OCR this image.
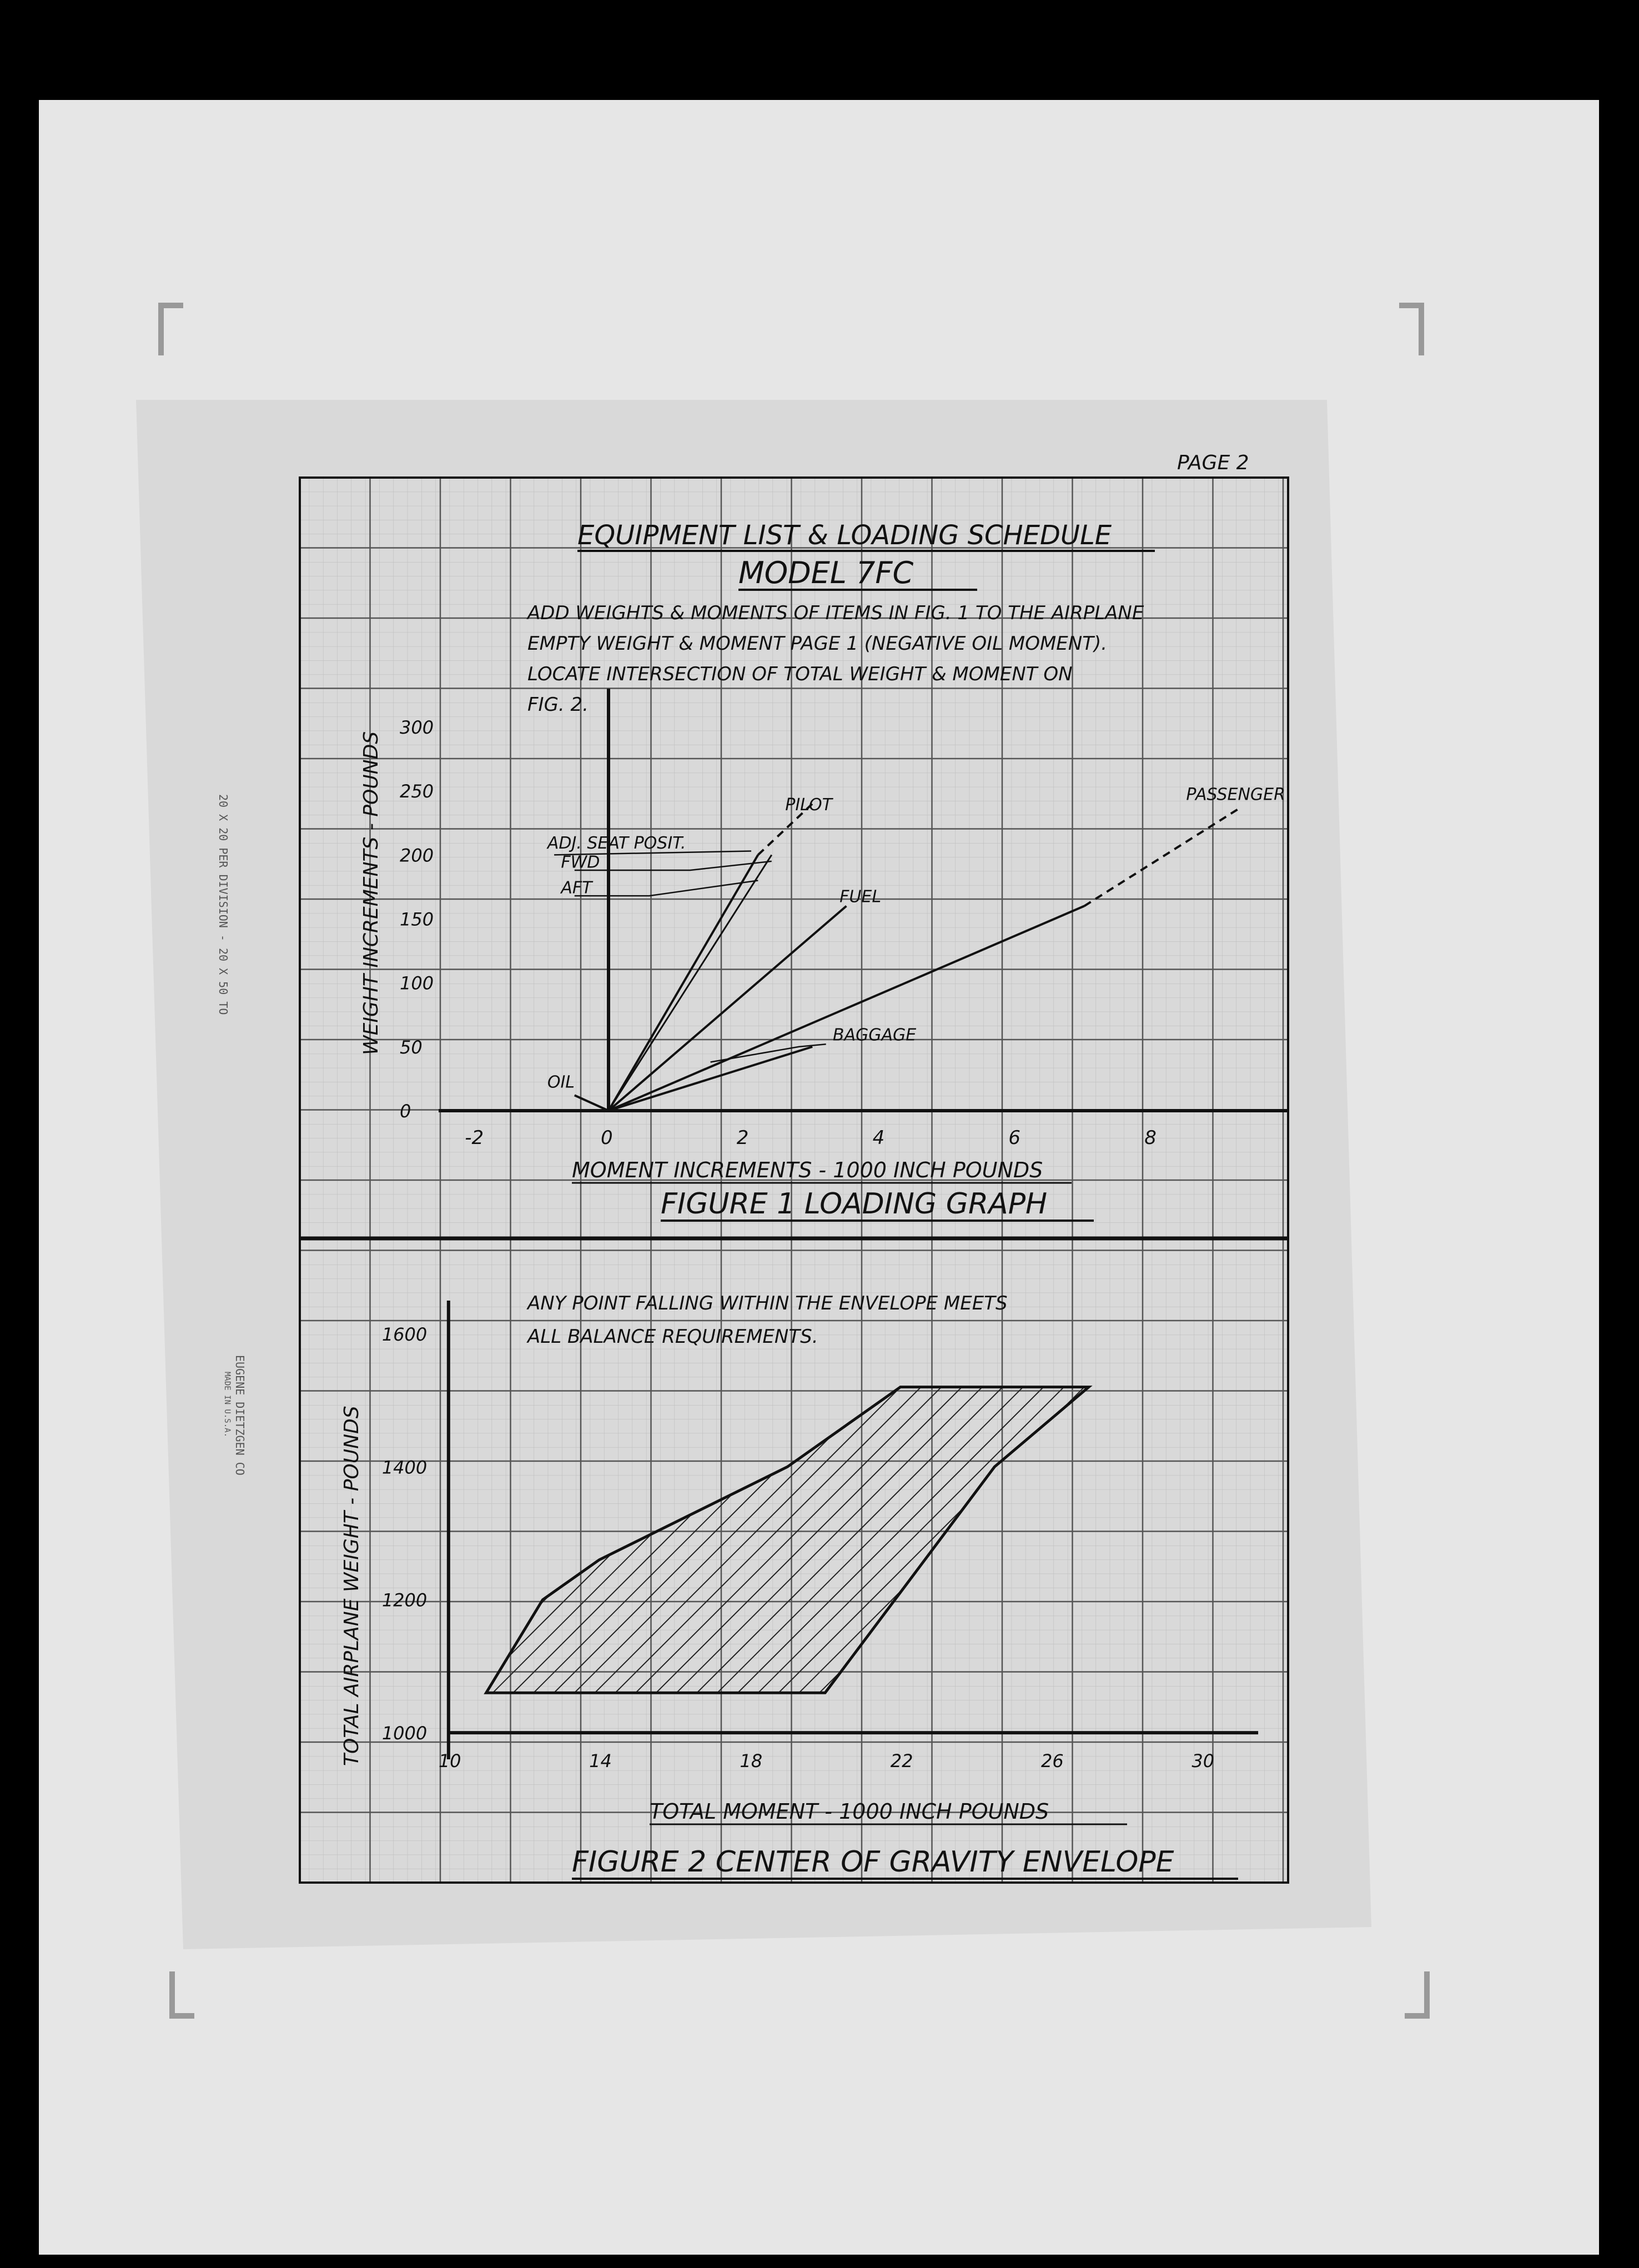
PAGE 2
EQUIPMENT LIST & LOADING SCHEDULE
MODEL 7FC
ADD WEIGHTS & MOMENTS OF ITEMS IN FIG. 1 TO THE AIRPLANE
EMPTY WEIGHT & MOMENT PAGE 1 (NEGATIVE OIL MOMENT).
LOCATE INTERSECTION OF TOTAL WEIGHT & MOMENT ON
FIG. 2.
-2	0	2	4	6	8
0
50
100
150
200
250
300
PILOT
PASSENGER
FUEL
BAGGAGE
OIL
ADJ. SEAT POSIT.
FWD
AFT
10	14	18	22	26	30
1000
1200
1400
1600
MOMENT INCREMENTS - 1000 INCH POUNDS
FIGURE 1 LOADING GRAPH
WEIGHT INCREMENTS - POUNDS
ANY POINT FALLING WITHIN THE ENVELOPE MEETS
ALL BALANCE REQUIREMENTS.
TOTAL MOMENT - 1000 INCH POUNDS
FIGURE 2 CENTER OF GRAVITY ENVELOPE
TOTAL AIRPLANE WEIGHT - POUNDS
20 X 20 PER DIVISION - 20 X 50 TO
EUGENE DIETZGEN CO
MADE IN U.S.A.
